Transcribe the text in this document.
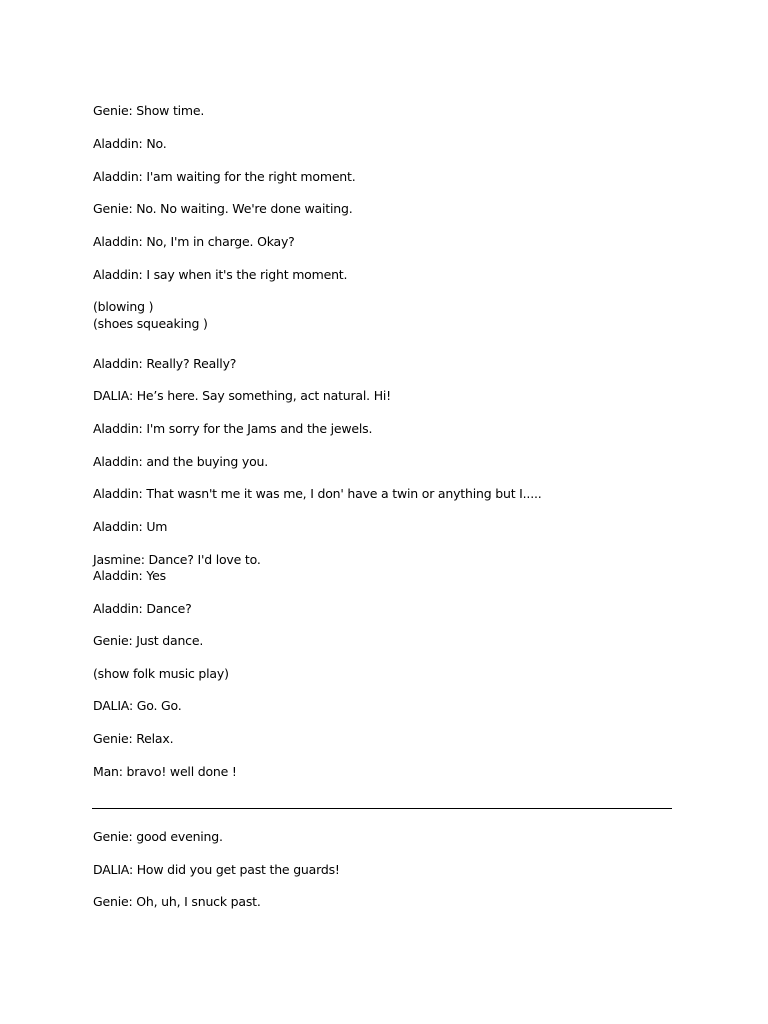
Genie: Show time.
Aladdin: No.
Aladdin: I'am waiting for the right moment.
Genie: No. No waiting. We're done waiting.
Aladdin: No, I'm in charge. Okay?
Aladdin: I say when it's the right moment.
(blowing )
(shoes squeaking )
Aladdin: Really? Really?
DALIA: He’s here. Say something, act natural. Hi!
Aladdin: I'm sorry for the Jams and the jewels.
Aladdin: and the buying you.
Aladdin: That wasn't me it was me, I don' have a twin or anything but I.....
Aladdin: Um
Jasmine: Dance? I'd love to.
Aladdin: Yes
Aladdin: Dance?
Genie: Just dance.
(show folk music play)
DALIA: Go. Go.
Genie: Relax.
Man: bravo! well done !
Genie: good evening.
DALIA: How did you get past the guards!
Genie: Oh, uh, I snuck past.
